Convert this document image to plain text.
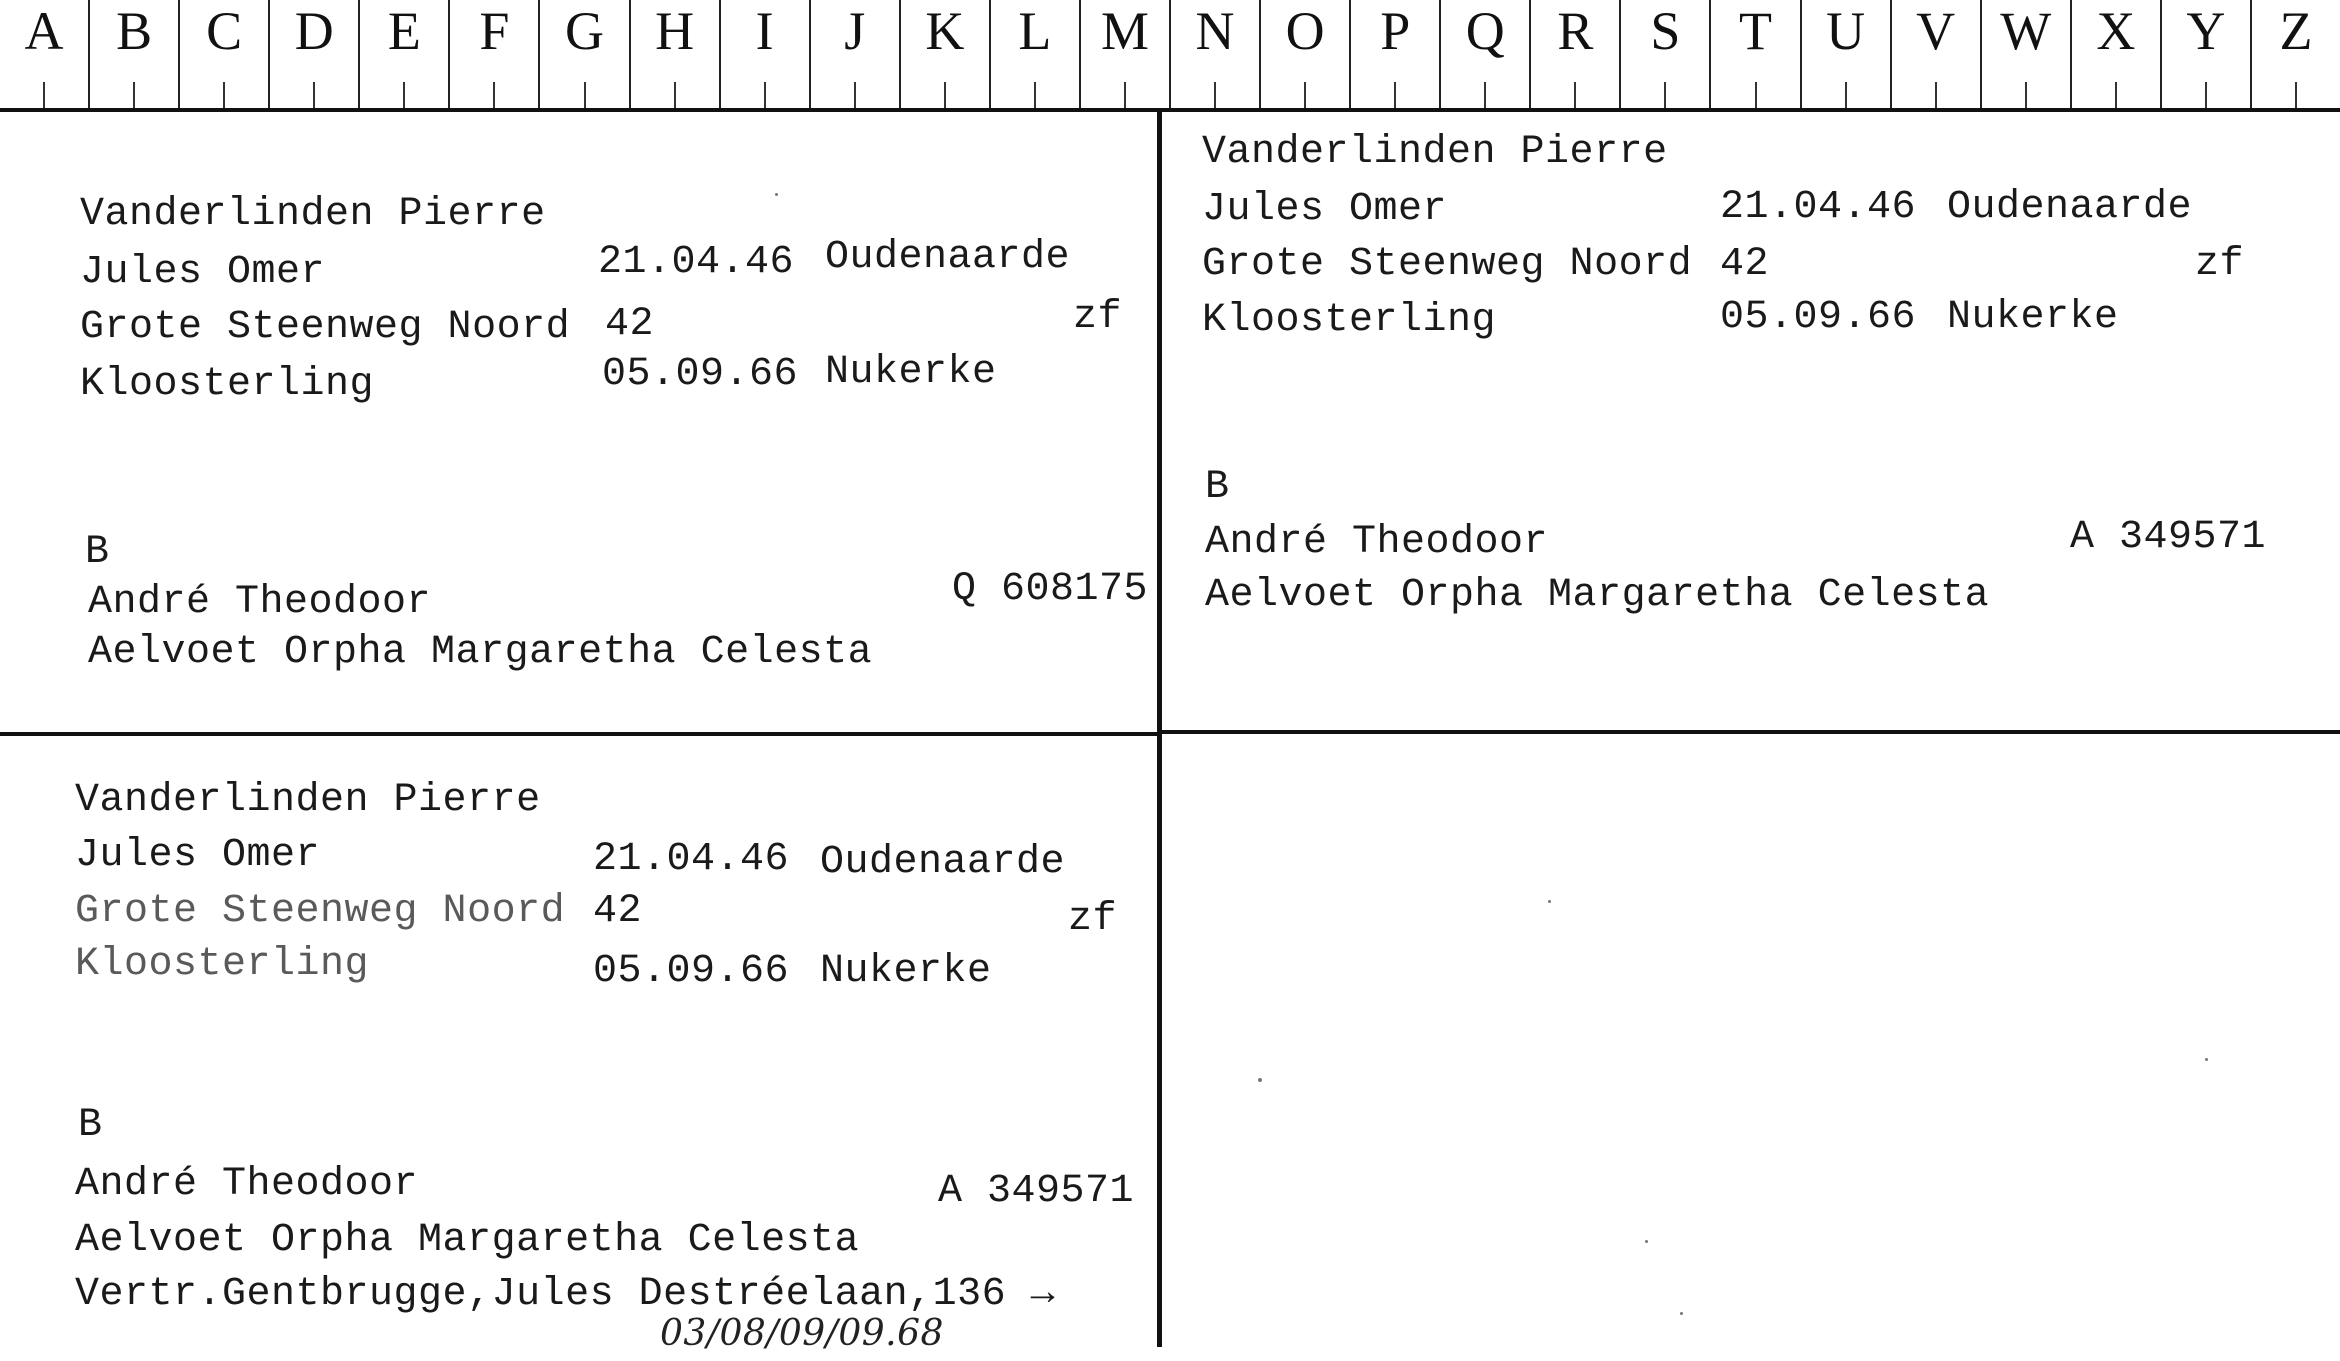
A B	C D	E	F	G H	I	J	K	L M N O	P	Q R	S	T	U V W X Y	Z
Vanderlinden Pierre
Jules Omer	21.04.46 Oudenaarde
Grote Steenweg Noord 42	zf
Kloosterling	05.09.66 Nukerke
B
André Theodoor	Q 608175
Aelvoet Orpha Margaretha Celesta
Vanderlinden Pierre
Jules Omer	21.04.46 Oudenaarde
Grote Steenweg Noord 42	zf
Kloosterling	05.09.66 Nukerke
B
André Theodoor	A 349571
Aelvoet Orpha Margaretha Celesta
Vanderlinden Pierre
Jules Omer	21.04.46 Oudenaarde
Grote Steenweg Noord 42	zf
Kloosterling	05.09.66 Nukerke
B
André Theodoor	A 349571
Aelvoet Orpha Margaretha Celesta
Vertr.Gentbrugge,Jules Destréelaan,136 →
03/08/09/09.68
